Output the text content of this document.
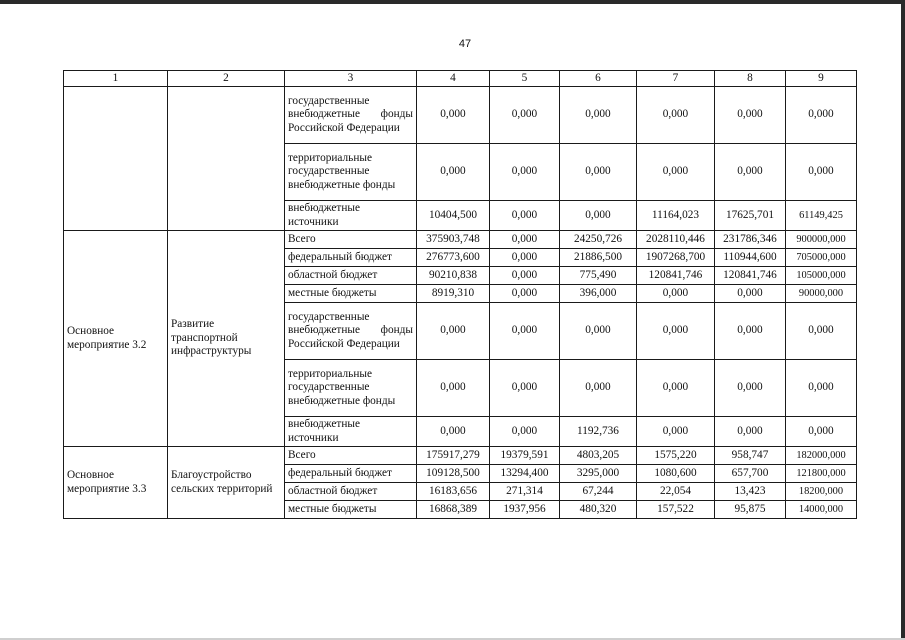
47
1	2	3	4	5	6	7	8	9
		государственные внебюджетные фонды Российской Федерации	0,000	0,000	0,000	0,000	0,000	0,000
		территориальные государственные внебюджетные фонды	0,000	0,000	0,000	0,000	0,000	0,000
		внебюджетные источники	10404,500	0,000	0,000	11164,023	17625,701	61149,425
Основное мероприятие 3.2	Развитие транспортной инфраструктуры	Всего	375903,748	0,000	24250,726	2028110,446	231786,346	900000,000
		федеральный бюджет	276773,600	0,000	21886,500	1907268,700	110944,600	705000,000
		областной бюджет	90210,838	0,000	775,490	120841,746	120841,746	105000,000
		местные бюджеты	8919,310	0,000	396,000	0,000	0,000	90000,000
		государственные внебюджетные фонды Российской Федерации	0,000	0,000	0,000	0,000	0,000	0,000
		территориальные государственные внебюджетные фонды	0,000	0,000	0,000	0,000	0,000	0,000
		внебюджетные источники	0,000	0,000	1192,736	0,000	0,000	0,000
Основное мероприятие 3.3	Благоустройство сельских территорий	Всего	175917,279	19379,591	4803,205	1575,220	958,747	182000,000
		федеральный бюджет	109128,500	13294,400	3295,000	1080,600	657,700	121800,000
		областной бюджет	16183,656	271,314	67,244	22,054	13,423	18200,000
		местные бюджеты	16868,389	1937,956	480,320	157,522	95,875	14000,000
